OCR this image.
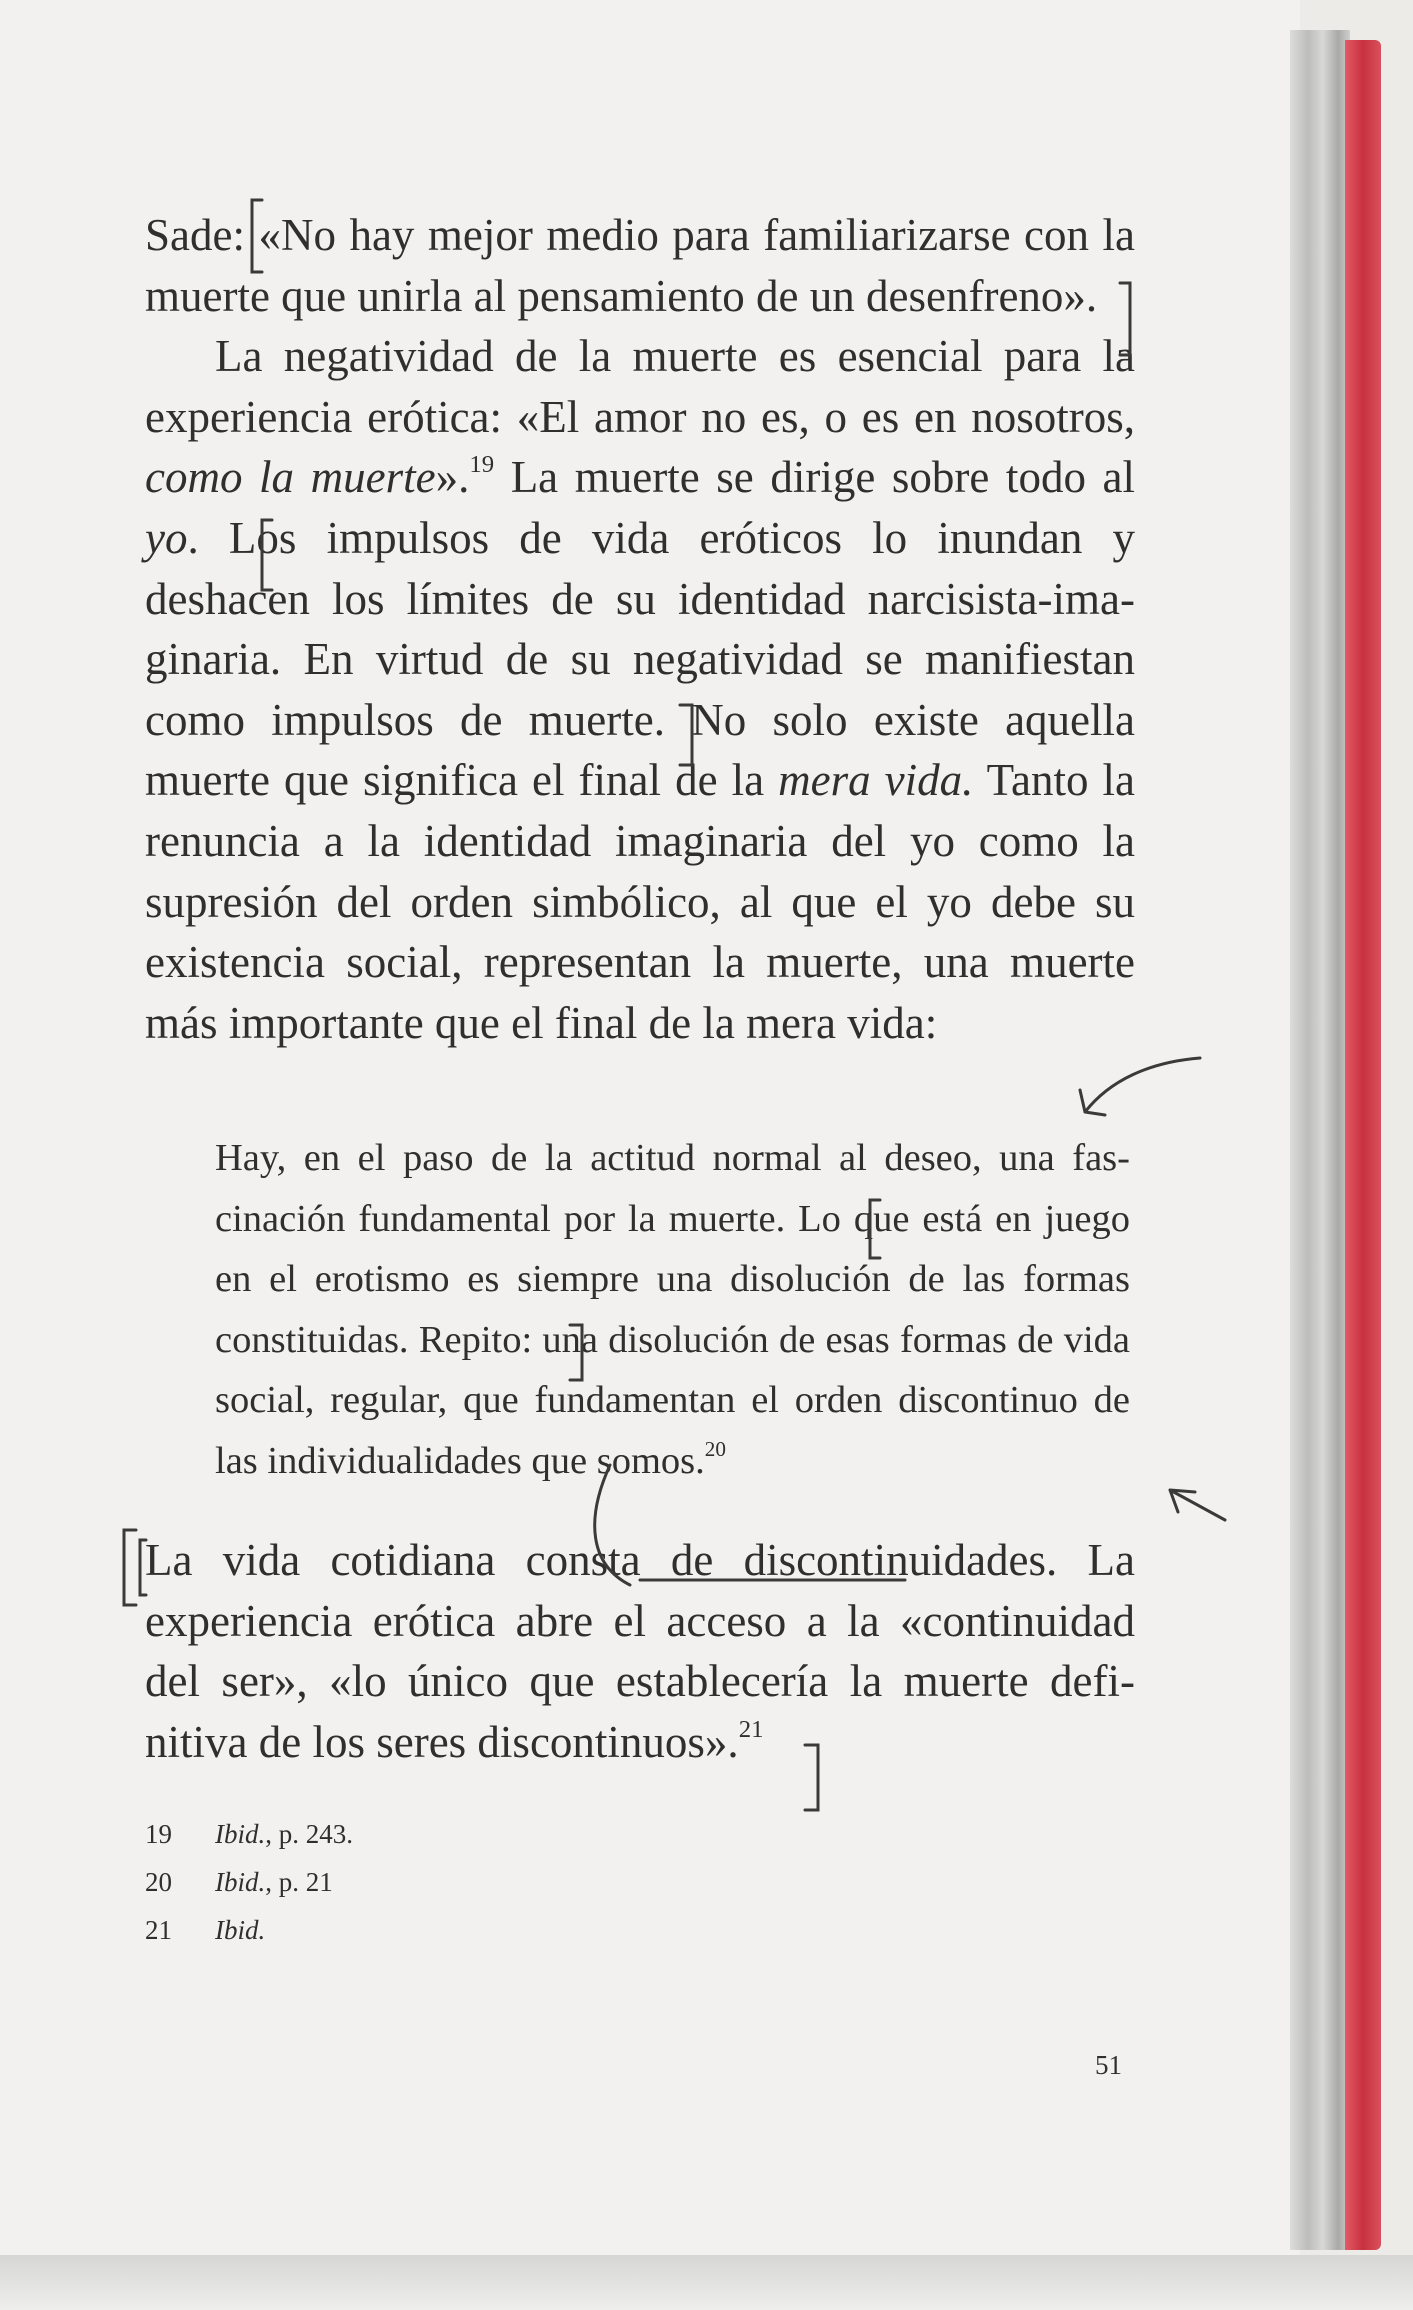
Sade: «No hay mejor medio para familiarizarse con la muerte que unirla al pensamiento de un desenfreno».

La negatividad de la muerte es esencial para la experiencia erótica: «El amor no es, o es en nosotros, como la muerte».$^{19}$ La muerte se dirige sobre todo al yo. Los impulsos de vida eróticos lo inundan y deshacen los límites de su identidad narcisista-imaginaria. En virtud de su negatividad se manifiestan como impulsos de muerte. No solo existe aquella muerte que significa el final de la mera vida. Tanto la renuncia a la identidad imaginaria del yo como la supresión del orden simbólico, al que el yo debe su existencia social, representan la muerte, una muerte más importante que el final de la mera vida:

Hay, en el paso de la actitud normal al deseo, una fascinación fundamental por la muerte. Lo que está en juego en el erotismo es siempre una disolución de las formas constituidas. Repito: una disolución de esas formas de vida social, regular, que fundamentan el orden discontinuo de las individualidades que somos.$^{20}$
La vida cotidiana consta de discontinuidades. La experiencia erótica abre el acceso a la «continuidad del ser», «lo único que establecería la muerte definitiva de los seres discontinuos».$^{21}$
19 Ibid., p. 243.
20 Ibid., p. 21
21 Ibid.
51
